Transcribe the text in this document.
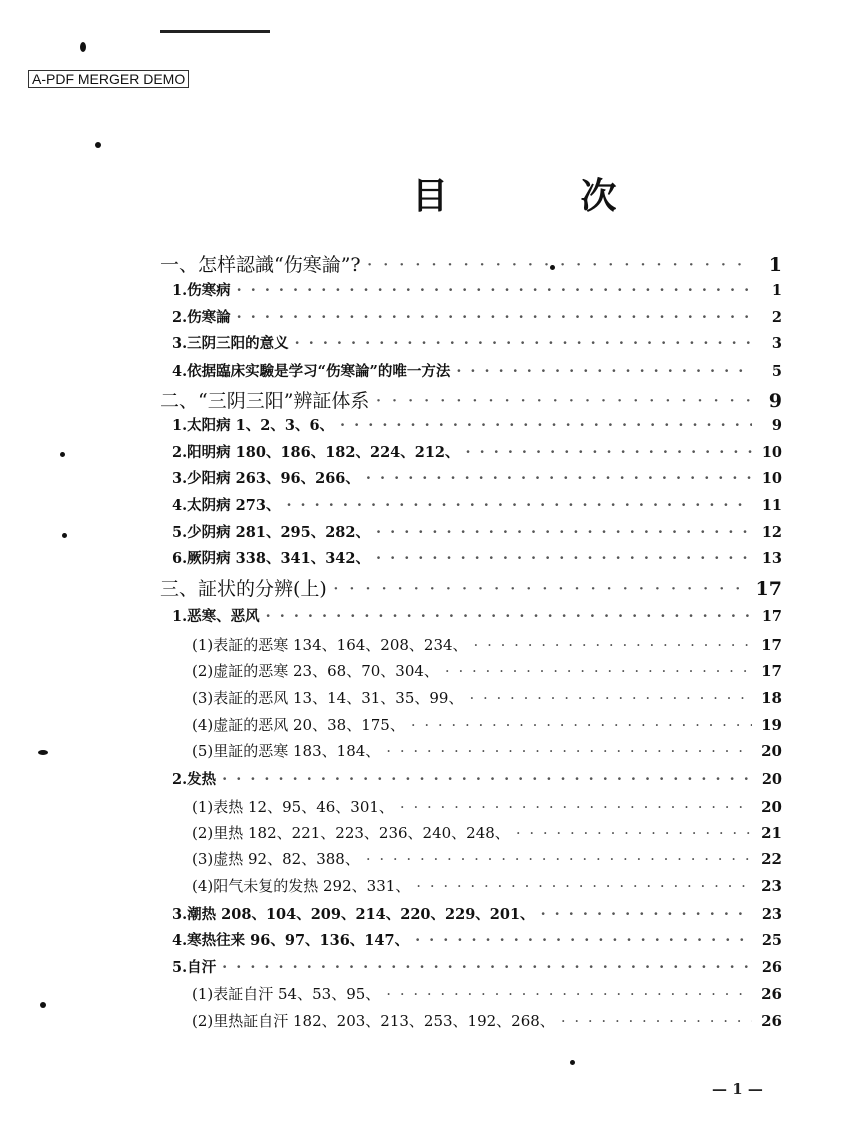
A-PDF MERGER DEMO
目 次
一、怎样認識“伤寒論”? · · ·	1
1.伤寒病 · · ·	1
2.伤寒論 · · ·	2
3.三阴三阳的意义 · · ·	3
4.依据臨床实驗是学习“伤寒論”的唯一方法 · · ·	5
二、“三阴三阳”辨証体系 · · ·	9
1.太阳病 1、2、3、6、 · · ·	9
2.阳明病 180、186、182、224、212、 · · ·	10
3.少阳病 263、96、266、 · · ·	10
4.太阴病 273、 · · ·	11
5.少阴病 281、295、282、 · · ·	12
6.厥阴病 338、341、342、 · · ·	13
三、証状的分辨(上) · · ·	17
1.恶寒、恶风 · · ·	17
(1)表証的恶寒 134、164、208、234、 · · ·	17
(2)虚証的恶寒 23、68、70、304、 · · ·	17
(3)表証的恶风 13、14、31、35、99、 · · ·	18
(4)虚証的恶风 20、38、175、 · · ·	19
(5)里証的恶寒 183、184、 · · ·	20
2.发热 · · ·	20
(1)表热 12、95、46、301、 · · ·	20
(2)里热 182、221、223、236、240、248、 · · ·	21
(3)虚热 92、82、388、 · · ·	22
(4)阳气未复的发热 292、331、 · · ·	23
3.潮热 208、104、209、214、220、229、201、 · · ·	23
4.寒热往来 96、97、136、147、 · · ·	25
5.自汗 · · ·	26
(1)表証自汗 54、53、95、 · · ·	26
(2)里热証自汗 182、203、213、253、192、268、 · · ·	26
— 1 —
